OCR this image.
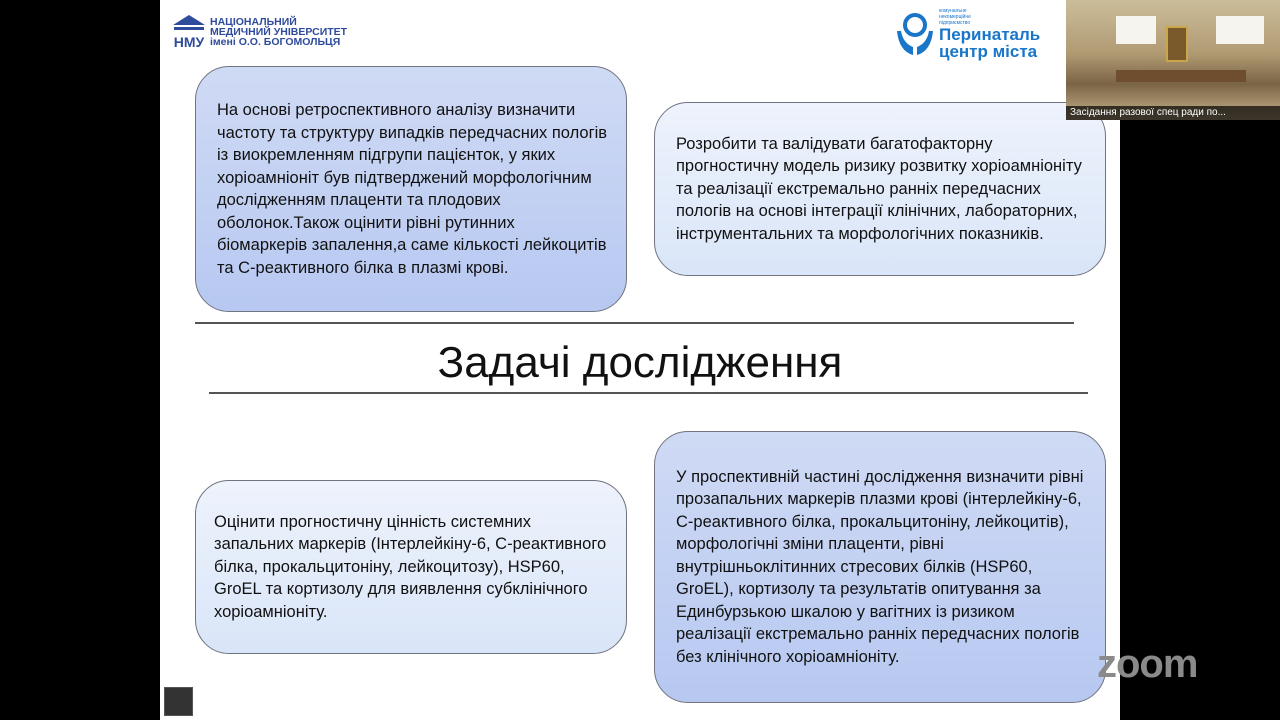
НМУ
НАЦІОНАЛЬНИЙ
МЕДИЧНИЙ УНІВЕРСИТЕТ
імені О.О. БОГОМОЛЬЦЯ
комунальне некомерційне підприємство
Перинаталь
центр міста
На основі ретроспективного аналізу визначити частоту та структуру випадків передчасних пологів із виокремленням підгрупи пацієнток, у яких хоріоамніоніт був підтверджений морфологічним дослідженням плаценти та плодових оболонок.Також оцінити рівні рутинних біомаркерів запалення,а саме кількості лейкоцитів та С-реактивного білка в плазмі крові.
Розробити та валідувати багатофакторну прогностичну модель ризику розвитку хоріоамніоніту та реалізації екстремально ранніх передчасних пологів на основі інтеграції клінічних, лабораторних, інструментальних та морфологічних показників.
Оцінити прогностичну цінність системних запальних маркерів (Інтерлейкіну-6, С-реактивного білка, прокальцитоніну, лейкоцитозу), HSP60, GroEL та кортизолу для виявлення субклінічного хоріоамніоніту.
У проспективній частині дослідження визначити рівні прозапальних маркерів плазми крові (інтерлейкіну-6, С-реактивного білка, прокальцитоніну, лейкоцитів), морфологічні зміни плаценти, рівні внутрішньоклітинних стресових білків (HSP60, GroEL), кортизолу та результатів опитування за Единбурзькою шкалою у вагітних із ризиком реалізації екстремально ранніх передчасних пологів без клінічного хоріоамніоніту.
Задачі дослідження
Засідання разової спец ради по...
zoom
